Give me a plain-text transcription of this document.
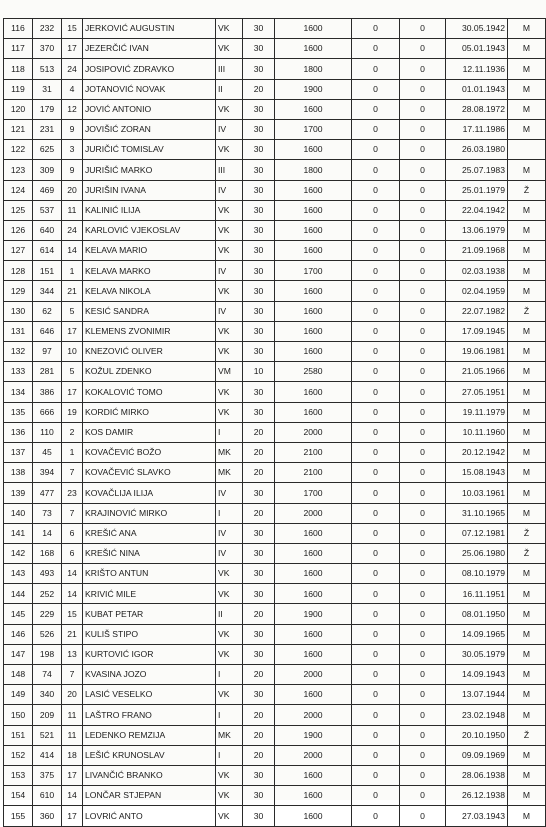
116	232	15	JERKOVIĆ AUGUSTIN	VK	30	1600	0	0	30.05.1942	M
117	370	17	JEZERČIĆ IVAN	VK	30	1600	0	0	05.01.1943	M
118	513	24	JOSIPOVIĆ ZDRAVKO	III	30	1800	0	0	12.11.1936	M
119	31	4	JOTANOVIĆ NOVAK	II	20	1900	0	0	01.01.1943	M
120	179	12	JOVIĆ ANTONIO	VK	30	1600	0	0	28.08.1972	M
121	231	9	JOVIŠIĆ ZORAN	IV	30	1700	0	0	17.11.1986	M
122	625	3	JURIČIĆ TOMISLAV	VK	30	1600	0	0	26.03.1980	
123	309	9	JURIŠIĆ MARKO	III	30	1800	0	0	25.07.1983	M
124	469	20	JURIŠIN IVANA	IV	30	1600	0	0	25.01.1979	Ž
125	537	11	KALINIĆ ILIJA	VK	30	1600	0	0	22.04.1942	M
126	640	24	KARLOVIĆ VJEKOSLAV	VK	30	1600	0	0	13.06.1979	M
127	614	14	KELAVA MARIO	VK	30	1600	0	0	21.09.1968	M
128	151	1	KELAVA MARKO	IV	30	1700	0	0	02.03.1938	M
129	344	21	KELAVA NIKOLA	VK	30	1600	0	0	02.04.1959	M
130	62	5	KESIĆ SANDRA	IV	30	1600	0	0	22.07.1982	Ž
131	646	17	KLEMENS ZVONIMIR	VK	30	1600	0	0	17.09.1945	M
132	97	10	KNEZOVIĆ OLIVER	VK	30	1600	0	0	19.06.1981	M
133	281	5	KOŽUL ZDENKO	VM	10	2580	0	0	21.05.1966	M
134	386	17	KOKALOVIĆ TOMO	VK	30	1600	0	0	27.05.1951	M
135	666	19	KORDIĆ MIRKO	VK	30	1600	0	0	19.11.1979	M
136	110	2	KOS DAMIR	I	20	2000	0	0	10.11.1960	M
137	45	1	KOVAČEVIĆ BOŽO	MK	20	2100	0	0	20.12.1942	M
138	394	7	KOVAČEVIĆ SLAVKO	MK	20	2100	0	0	15.08.1943	M
139	477	23	KOVAČLIJA ILIJA	IV	30	1700	0	0	10.03.1961	M
140	73	7	KRAJINOVIĆ MIRKO	I	20	2000	0	0	31.10.1965	M
141	14	6	KREŠIĆ ANA	IV	30	1600	0	0	07.12.1981	Ž
142	168	6	KREŠIĆ NINA	IV	30	1600	0	0	25.06.1980	Ž
143	493	14	KRIŠTO ANTUN	VK	30	1600	0	0	08.10.1979	M
144	252	14	KRIVIĆ MILE	VK	30	1600	0	0	16.11.1951	M
145	229	15	KUBAT PETAR	II	20	1900	0	0	08.01.1950	M
146	526	21	KULIŠ STIPO	VK	30	1600	0	0	14.09.1965	M
147	198	13	KURTOVIĆ IGOR	VK	30	1600	0	0	30.05.1979	M
148	74	7	KVASINA JOZO	I	20	2000	0	0	14.09.1943	M
149	340	20	LASIĆ VESELKO	VK	30	1600	0	0	13.07.1944	M
150	209	11	LAŠTRO FRANO	I	20	2000	0	0	23.02.1948	M
151	521	11	LEDENKO REMZIJA	MK	20	1900	0	0	20.10.1950	Ž
152	414	18	LEŠIĆ KRUNOSLAV	I	20	2000	0	0	09.09.1969	M
153	375	17	LIVANČIĆ BRANKO	VK	30	1600	0	0	28.06.1938	M
154	610	14	LONČAR STJEPAN	VK	30	1600	0	0	26.12.1938	M
155	360	17	LOVRIĆ ANTO	VK	30	1600	0	0	27.03.1943	M
